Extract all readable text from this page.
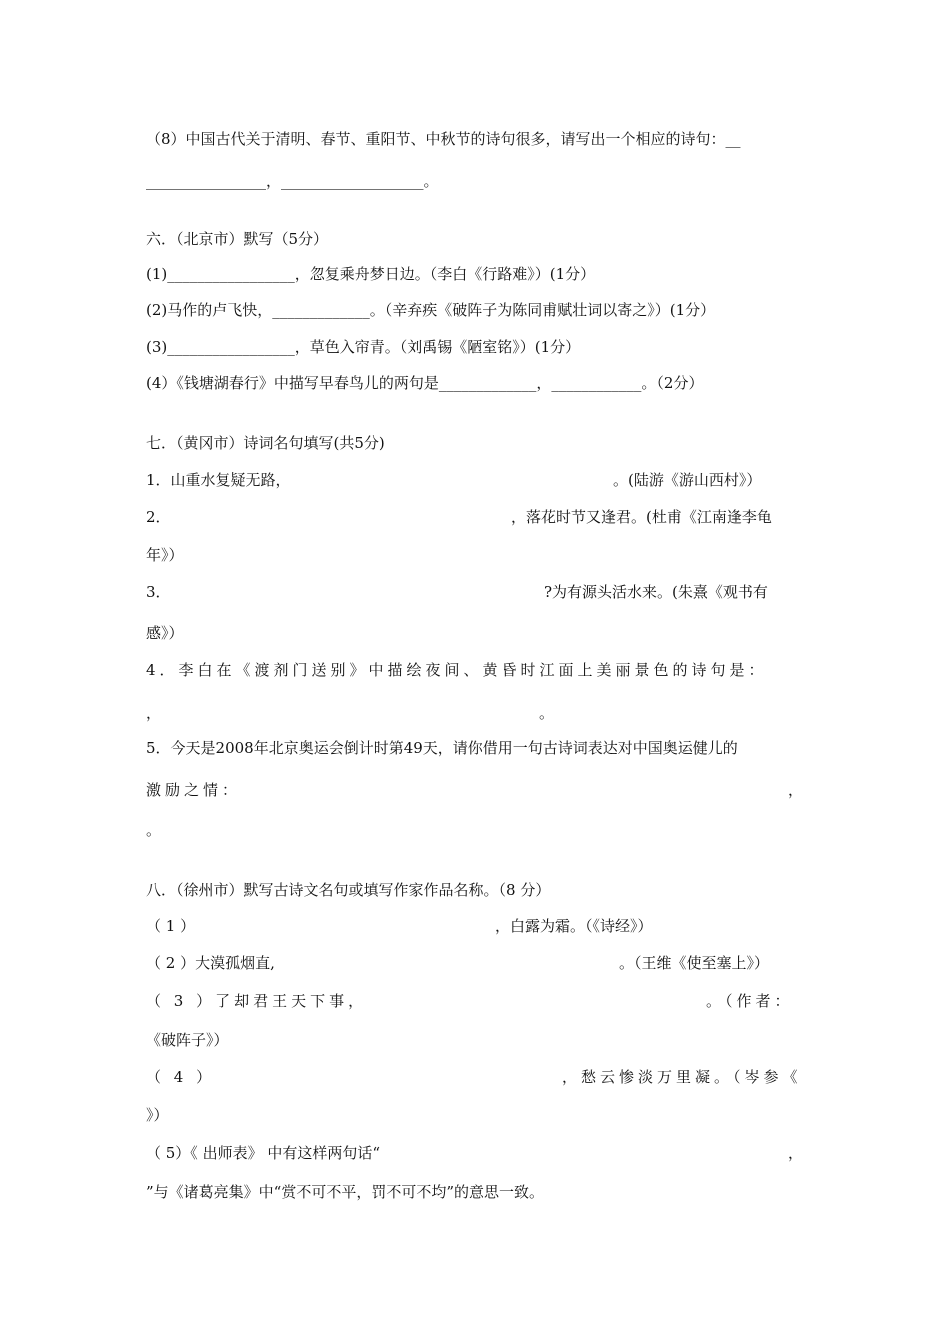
（8）中国古代关于清明、春节、重阳节、中秋节的诗句很多，请写出一个相应的诗句：__
________________，___________________。
六．（北京市）默写（5分）
(1)_________________，忽复乘舟梦日边。（李白《行路难》）(1分）
(2)马作的卢飞快，_____________。（辛弃疾《破阵子为陈同甫赋壮词以寄之》）(1分）
(3)_________________，草色入帘青。（刘禹锡《陋室铭》）(1分）
(4）《钱塘湖春行》中描写早春鸟儿的两句是_____________，____________。（2分）
七．（黄冈市）诗词名句填写(共5分)
1．山重水复疑无路，	。(陆游《游山西村》）
2．	，落花时节又逢君。(杜甫《江南逢李龟
年》）
3．	?为有源头活水来。(朱熹《观书有
感》）
4．李白在《渡剂门送别》中描绘夜间、黄昏时江面上美丽景色的诗句是：
，	。
5．今天是2008年北京奥运会倒计时第49天，请你借用一句古诗词表达对中国奥运健儿的
激励之情：	，
。
八．（徐州市）默写古诗文名句或填写作家作品名称。（8 分）
（ 1 ）	，白露为霜。（《诗经》）
（ 2 ）大漠孤烟直,	。（王维《使至塞上》）
（ 3 ）了却君王天下事，	。（作者：
《破阵子》）
（ 4 ）	，愁云惨淡万里凝。（岑参《
》）
（ 5）《 出师表》 中有这样两句话“	，
”与《诸葛亮集》中“赏不可不平，罚不可不均”的意思一致。
